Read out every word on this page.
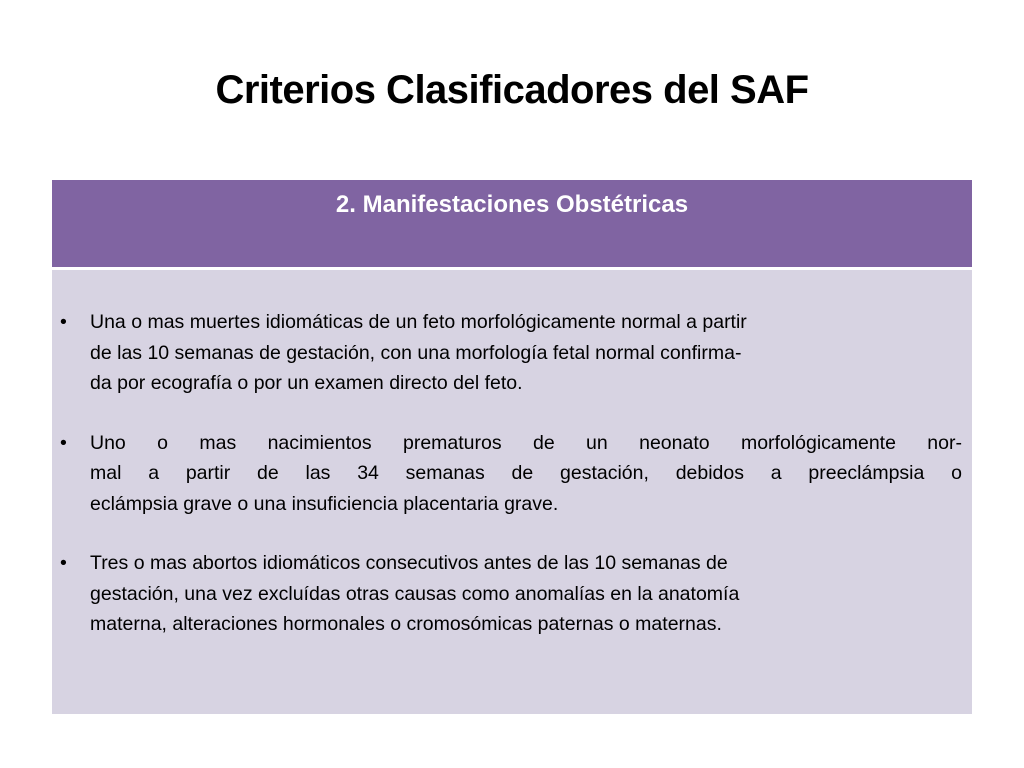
Criterios Clasificadores del SAF
2. Manifestaciones Obstétricas
•	Una o mas muertes idiomáticas de un feto morfológicamente normal a partir
de las 10 semanas de gestación, con una morfología fetal normal confirma-
da por ecografía o por un examen directo del feto.
•	Uno o mas nacimientos prematuros de un neonato morfológicamente nor-
mal a partir de las 34 semanas de gestación, debidos a preeclámpsia o
eclámpsia grave o una insuficiencia placentaria grave.
•	Tres o mas abortos idiomáticos consecutivos antes de las 10 semanas de
gestación, una vez excluídas otras causas como anomalías en la anatomía
materna, alteraciones hormonales o cromosómicas paternas o maternas.
